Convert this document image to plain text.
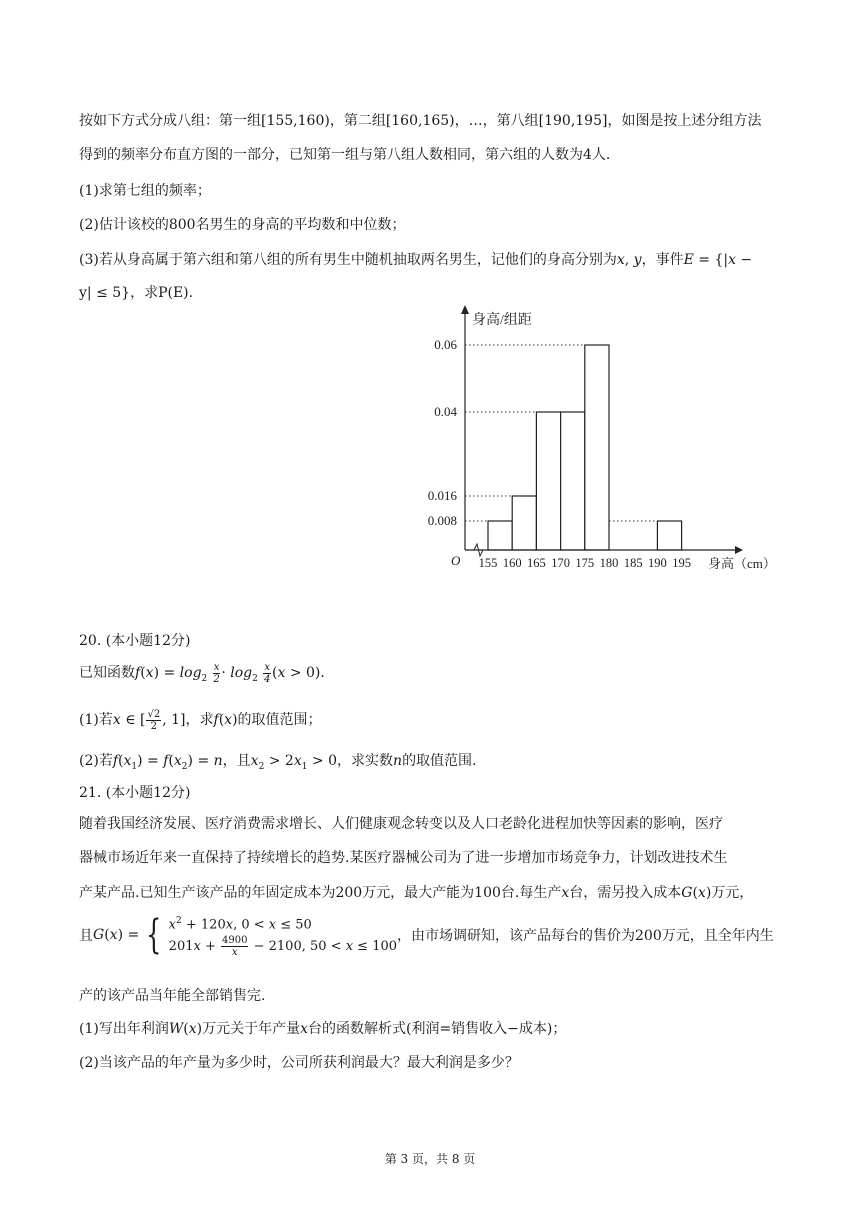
按如下方式分成八组：第一组[155,160)，第二组[160,165)，…，第八组[190,195]，如图是按上述分组方法
得到的频率分布直方图的一部分，已知第一组与第八组人数相同，第六组的人数为4人.
(1)求第七组的频率；
(2)估计该校的800名男生的身高的平均数和中位数；
(3)若从身高属于第六组和第八组的所有男生中随机抽取两名男生，记他们的身高分别为x, y，事件E = {|x −
y| ≤ 5}，求P(E).
0.06
0.04
0.016
0.008
155 160 165 170 175 180 185 190 195
O
身高/组距
身高（cm）
20. (本小题12分)
已知函数$f(x) = \log_2 \frac{x}{2} \cdot \log_2 \frac{x}{4} (x > 0)$.
(1)若x ∈ [ $\frac{√2}{2}$ , 1]，求f(x)的取值范围；
(2)若$f(x_1) = f(x_2) = n$，且$x_2 > 2x_1 > 0$，求实数n的取值范围.
21. (本小题12分)
随着我国经济发展、医疗消费需求增长、人们健康观念转变以及人口老龄化进程加快等因素的影响，医疗
器械市场近年来一直保持了持续增长的趋势.某医疗器械公司为了进一步增加市场竞争力，计划改进技术生
产某产品.已知生产该产品的年固定成本为200万元，最大产能为100台.每生产x台，需另投入成本G(x)万元，
且 G ( x ) = { $x^2 + 120x$, 0 < x ≤ 50
$201x + \frac{4900}{x} - 2100$, 50 < x ≤ 100
，由市场调研知，该产品每台的售价为200万元，且全年内生
产的该产品当年能全部销售完.
(1)写出年利润W(x)万元关于年产量x台的函数解析式(利润=销售收入−成本)；
(2)当该产品的年产量为多少时，公司所获利润最大？最大利润是多少？
第 3 页，共 8 页
